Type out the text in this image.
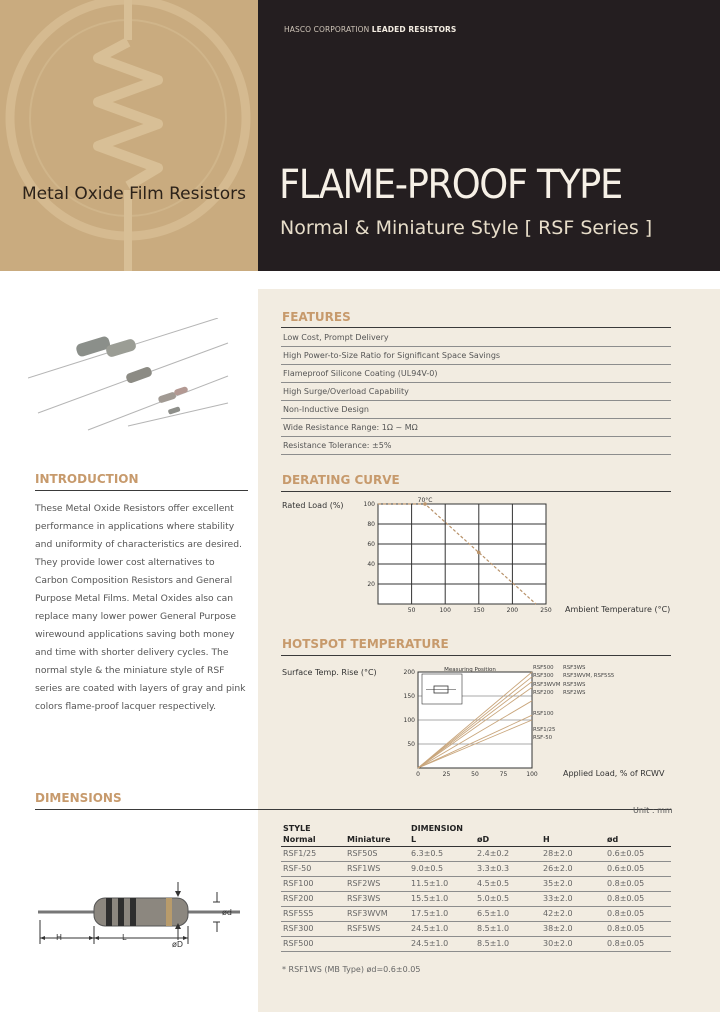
HASCO CORPORATION LEADED RESISTORS
Metal Oxide Film Resistors FLAME-PROOF TYPE
Normal & Miniature Style [ RSF Series ]
FEATURES
Low Cost, Prompt Delivery
High Power-to-Size Ratio for Significant Space Savings
Flameproof Silicone Coating (UL94V-0)
High Surge/Overload Capability
Non-Inductive Design
Wide Resistance Range: 1Ω ~ MΩ
Resistance Tolerance: ±5%
INTRODUCTION
These Metal Oxide Resistors offer excellent performance in applications where stability and uniformity of characteristics are desired. They provide lower cost alternatives to Carbon Composition Resistors and General Purpose Metal Films. Metal Oxides also can replace many lower power General Purpose wirewound applications saving both money and time with shorter delivery cycles. The normal style & the miniature style of RSF series are coated with layers of gray and pink colors flame-proof lacquer respectively.
DERATING CURVE
Rated Load (%)
Ambient Temperature (°C)
100
80
60
40
20
50	100	150	200	250
70°C
HOTSPOT TEMPERATURE
Surface Temp. Rise (°C)
Applied Load, % of RCWV
200
150
100
50
0	25	50	75	100
Measuring Position	RSF500
RSF300
RSF3WVM
RSF200
RSF100
RSF1/25
RSF-50
RSF3WS
RSF3WVM, RSF5S5
RSF3WS
RSF2WS
DIMENSIONS
Unit : mm
H	L
øD
ød
STYLE		DIMENSION			
Normal	Miniature	L	øD	H	ød
RSF1/25	RSF50S	6.3±0.5	2.4±0.2	28±2.0	0.6±0.05
RSF-50	RSF1WS	9.0±0.5	3.3±0.3	26±2.0	0.6±0.05
RSF100	RSF2WS	11.5±1.0	4.5±0.5	35±2.0	0.8±0.05
RSF200	RSF3WS	15.5±1.0	5.0±0.5	33±2.0	0.8±0.05
RSF5S5	RSF3WVM	17.5±1.0	6.5±1.0	42±2.0	0.8±0.05
RSF300	RSF5WS	24.5±1.0	8.5±1.0	38±2.0	0.8±0.05
RSF500		24.5±1.0	8.5±1.0	30±2.0	0.8±0.05
* RSF1WS (MB Type) ød=0.6±0.05
